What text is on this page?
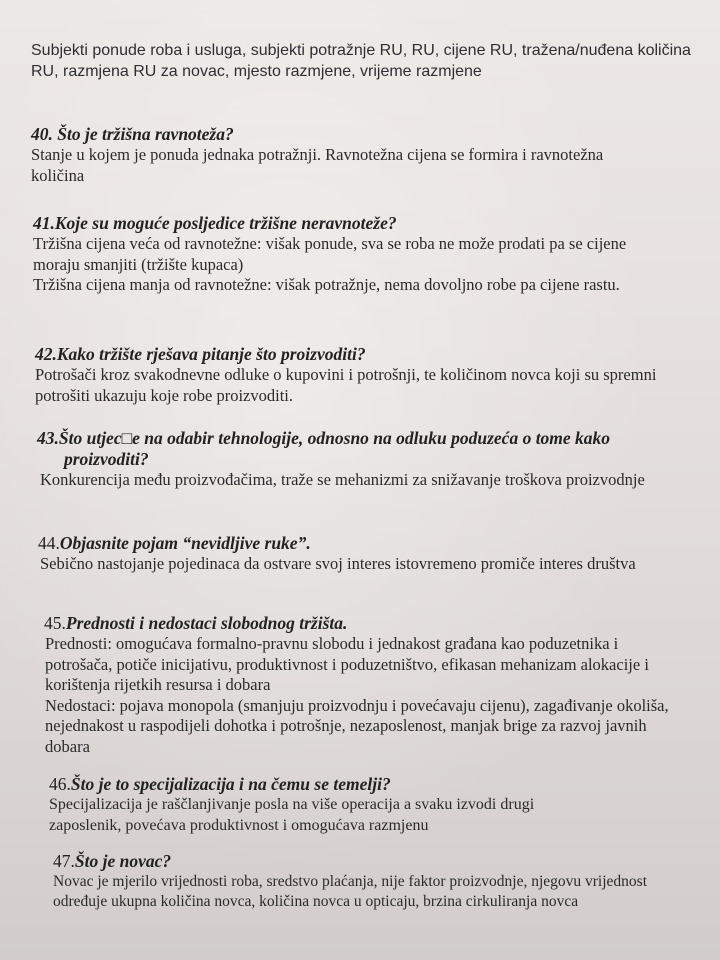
Subjekti ponude roba i usluga, subjekti potražnje RU, RU, cijene RU, tražena/nuđena količina RU, razmjena RU za novac, mjesto razmjene, vrijeme razmjene
40. Što je tržišna ravnoteža?

Stanje u kojem je ponuda jednaka potražnji. Ravnotežna cijena se formira i ravnotežna količina

41.Koje su moguće posljedice tržišne neravnoteže?

Tržišna cijena veća od ravnotežne: višak ponude, sva se roba ne može prodati pa se cijene moraju smanjiti (tržište kupaca)

Tržišna cijena manja od ravnotežne: višak potražnje, nema dovoljno robe pa cijene rastu.

42.Kako tržište rješava pitanje što proizvoditi?

Potrošači kroz svakodnevne odluke o kupovini i potrošnji, te količinom novca koji su spremni potrošiti ukazuju koje robe proizvoditi.

43.Što utjec□e na odabir tehnologije, odnosno na odluku poduzeća o tome kako
proizvoditi?

Konkurencija među proizvođačima, traže se mehanizmi za snižavanje troškova proizvodnje

44.Objasnite pojam “nevidljive ruke”.

Sebično nastojanje pojedinaca da ostvare svoj interes istovremeno promiče interes društva

45.Prednosti i nedostaci slobodnog tržišta.

Prednosti: omogućava formalno-pravnu slobodu i jednakost građana kao poduzetnika i potrošača, potiče inicijativu, produktivnost i poduzetništvo, efikasan mehanizam alokacije i korištenja rijetkih resursa i dobara

Nedostaci: pojava monopola (smanjuju proizvodnju i povećavaju cijenu), zagađivanje okoliša, nejednakost u raspodijeli dohotka i potrošnje, nezaposlenost, manjak brige za razvoj javnih dobara

46.Što je to specijalizacija i na čemu se temelji?

Specijalizacija je raščlanjivanje posla na više operacija a svaku izvodi drugi zaposlenik, povećava produktivnost i omogućava razmjenu

47.Što je novac?

Novac je mjerilo vrijednosti roba, sredstvo plaćanja, nije faktor proizvodnje, njegovu vrijednost određuje ukupna količina novca, količina novca u opticaju, brzina cirkuliranja novca
